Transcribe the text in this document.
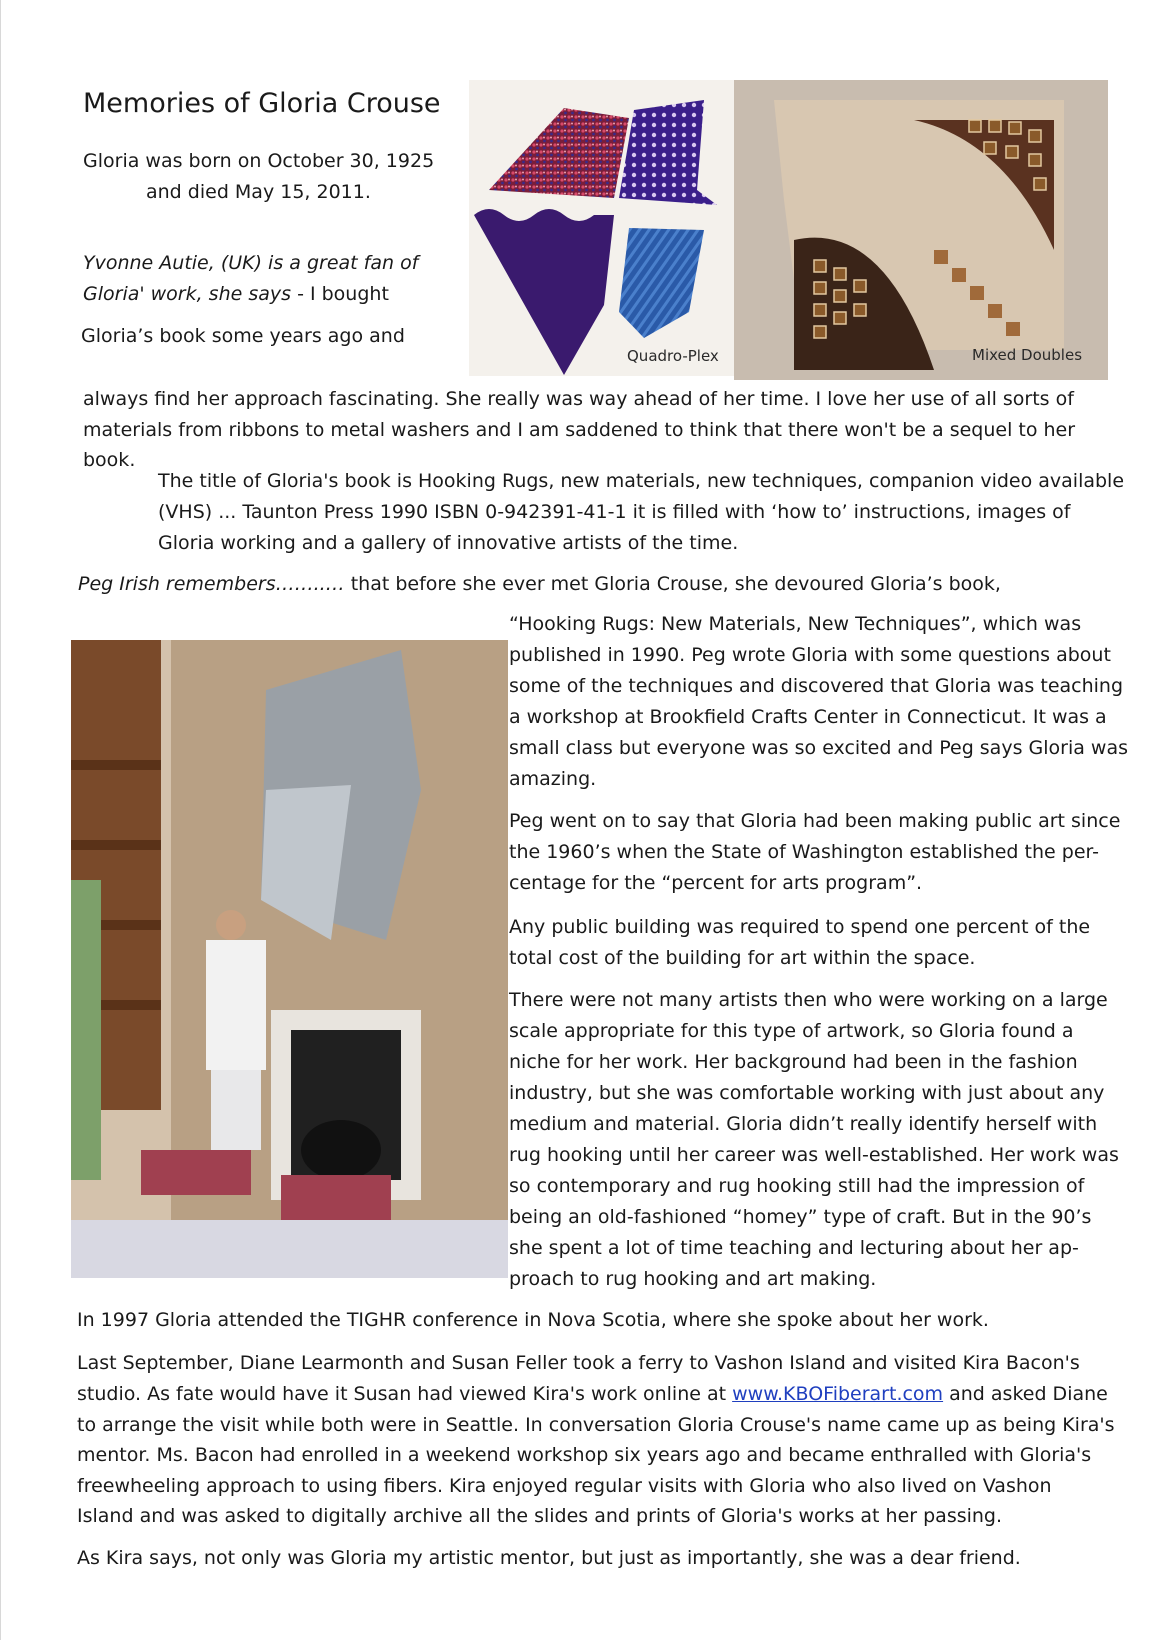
Memories of Gloria Crouse
Gloria was born on October 30, 1925
and died May 15, 2011.
Yvonne Autie, (UK) is a great fan of
Gloria' work, she says - I bought
Gloria’s book some years ago and
Quadro-Plex	Mixed Doubles
always find her approach fascinating. She really was way ahead of her time. I love her use of all sorts of
materials from ribbons to metal washers and I am saddened to think that there won't be a sequel to her
book.
The title of Gloria's book is Hooking Rugs, new materials, new techniques, companion video available
(VHS) ... Taunton Press 1990 ISBN 0-942391-41-1 it is filled with ‘how to’ instructions, images of
Gloria working and a gallery of innovative artists of the time.
Peg Irish remembers……..… that before she ever met Gloria Crouse, she devoured Gloria’s book,
“Hooking Rugs: New Materials, New Techniques”, which was
published in 1990. Peg wrote Gloria with some questions about
some of the techniques and discovered that Gloria was teaching
a workshop at Brookfield Crafts Center in Connecticut. It was a
small class but everyone was so excited and Peg says Gloria was
amazing.
Peg went on to say that Gloria had been making public art since
the 1960’s when the State of Washington established the per-
centage for the “percent for arts program”.
Any public building was required to spend one percent of the
total cost of the building for art within the space.
There were not many artists then who were working on a large
scale appropriate for this type of artwork, so Gloria found a
niche for her work. Her background had been in the fashion
industry, but she was comfortable working with just about any
medium and material. Gloria didn’t really identify herself with
rug hooking until her career was well-established. Her work was
so contemporary and rug hooking still had the impression of
being an old-fashioned “homey” type of craft. But in the 90’s
she spent a lot of time teaching and lecturing about her ap-
proach to rug hooking and art making.
In 1997 Gloria attended the TIGHR conference in Nova Scotia, where she spoke about her work.
Last September, Diane Learmonth and Susan Feller took a ferry to Vashon Island and visited Kira Bacon's
studio. As fate would have it Susan had viewed Kira's work online at www.KBOFiberart.com and asked Diane
to arrange the visit while both were in Seattle. In conversation Gloria Crouse's name came up as being Kira's
mentor. Ms. Bacon had enrolled in a weekend workshop six years ago and became enthralled with Gloria's
freewheeling approach to using fibers. Kira enjoyed regular visits with Gloria who also lived on Vashon
Island and was asked to digitally archive all the slides and prints of Gloria's works at her passing.
As Kira says, not only was Gloria my artistic mentor, but just as importantly, she was a dear friend.
